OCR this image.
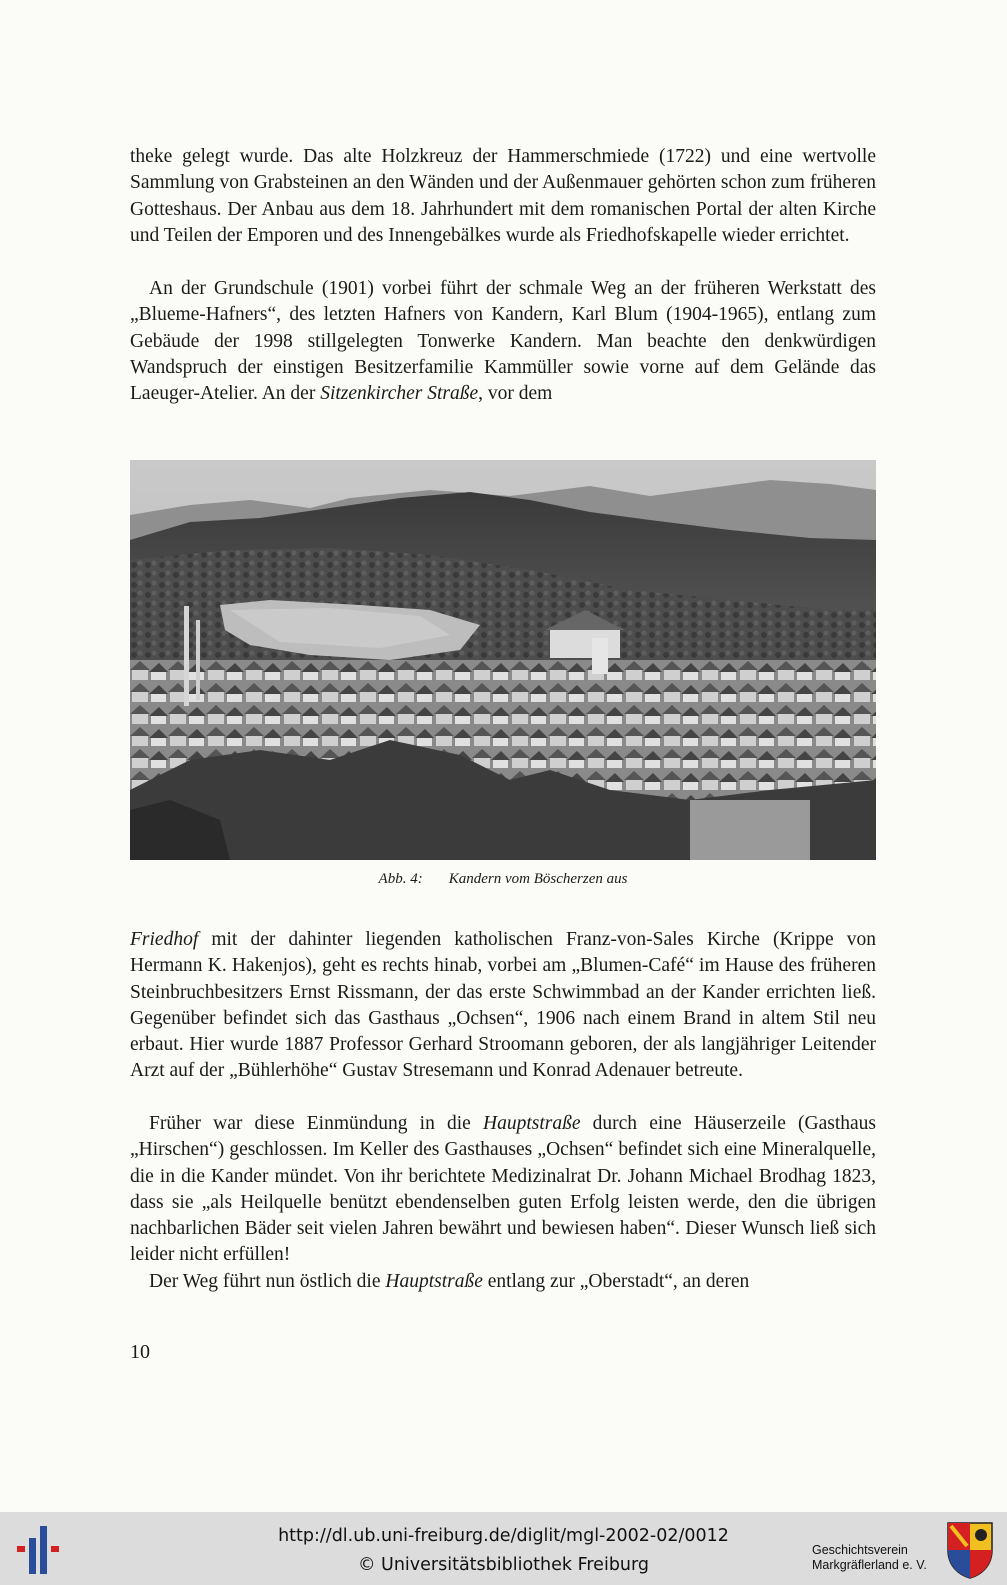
theke gelegt wurde. Das alte Holzkreuz der Hammerschmiede (1722) und eine wertvolle Sammlung von Grabsteinen an den Wänden und der Außenmauer gehörten schon zum früheren Gotteshaus. Der Anbau aus dem 18. Jahrhundert mit dem romanischen Portal der alten Kirche und Teilen der Emporen und des Innengebälkes wurde als Friedhofskapelle wieder errichtet.

An der Grundschule (1901) vorbei führt der schmale Weg an der früheren Werkstatt des „Blueme-Hafners“, des letzten Hafners von Kandern, Karl Blum (1904-1965), entlang zum Gebäude der 1998 stillgelegten Tonwerke Kandern. Man beachte den denkwürdigen Wandspruch der einstigen Besitzerfamilie Kammüller sowie vorne auf dem Gelände das Laeuger-Atelier. An der Sitzenkircher Straße, vor dem

Abb. 4: Kandern vom Böscherzen aus

Friedhof mit der dahinter liegenden katholischen Franz-von-Sales Kirche (Krippe von Hermann K. Hakenjos), geht es rechts hinab, vorbei am „Blumen-Café“ im Hause des früheren Steinbruchbesitzers Ernst Rissmann, der das erste Schwimmbad an der Kander errichten ließ. Gegenüber befindet sich das Gasthaus „Ochsen“, 1906 nach einem Brand in altem Stil neu erbaut. Hier wurde 1887 Professor Gerhard Stroomann geboren, der als langjähriger Leitender Arzt auf der „Bühlerhöhe“ Gustav Stresemann und Konrad Adenauer betreute.

Früher war diese Einmündung in die Hauptstraße durch eine Häuserzeile (Gasthaus „Hirschen“) geschlossen. Im Keller des Gasthauses „Ochsen“ befindet sich eine Mineralquelle, die in die Kander mündet. Von ihr berichtete Medizinalrat Dr. Johann Michael Brodhag 1823, dass sie „als Heilquelle benützt ebendenselben guten Erfolg leisten werde, den die übrigen nachbarlichen Bäder seit vielen Jahren bewährt und bewiesen haben“. Dieser Wunsch ließ sich leider nicht erfüllen!

Der Weg führt nun östlich die Hauptstraße entlang zur „Oberstadt“, an deren

10
http://dl.ub.uni-freiburg.de/diglit/mgl-2002-02/0012
© Universitätsbibliothek Freiburg
Geschichtsverein
Markgräflerland e. V.
